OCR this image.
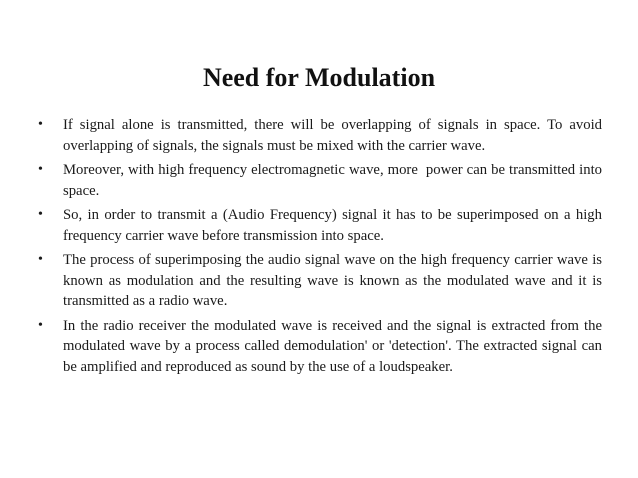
Need for Modulation
• If signal alone is transmitted, there will be overlapping of signals in space. To avoid overlapping of signals, the signals must be mixed with the carrier wave.
• Moreover, with high frequency electromagnetic wave, more  power can be transmitted into space.
• So, in order to transmit a (Audio Frequency) signal it has to be superimposed on a high frequency carrier wave before transmission into space.
• The process of superimposing the audio signal wave on the high frequency carrier wave is known as modulation and the resulting wave is known as the modulated wave and it is transmitted as a radio wave.
• In the radio receiver the modulated wave is received and the signal is extracted from the modulated wave by a process called demodulation' or 'detection'. The extracted signal can be amplified and reproduced as sound by the use of a loudspeaker.
